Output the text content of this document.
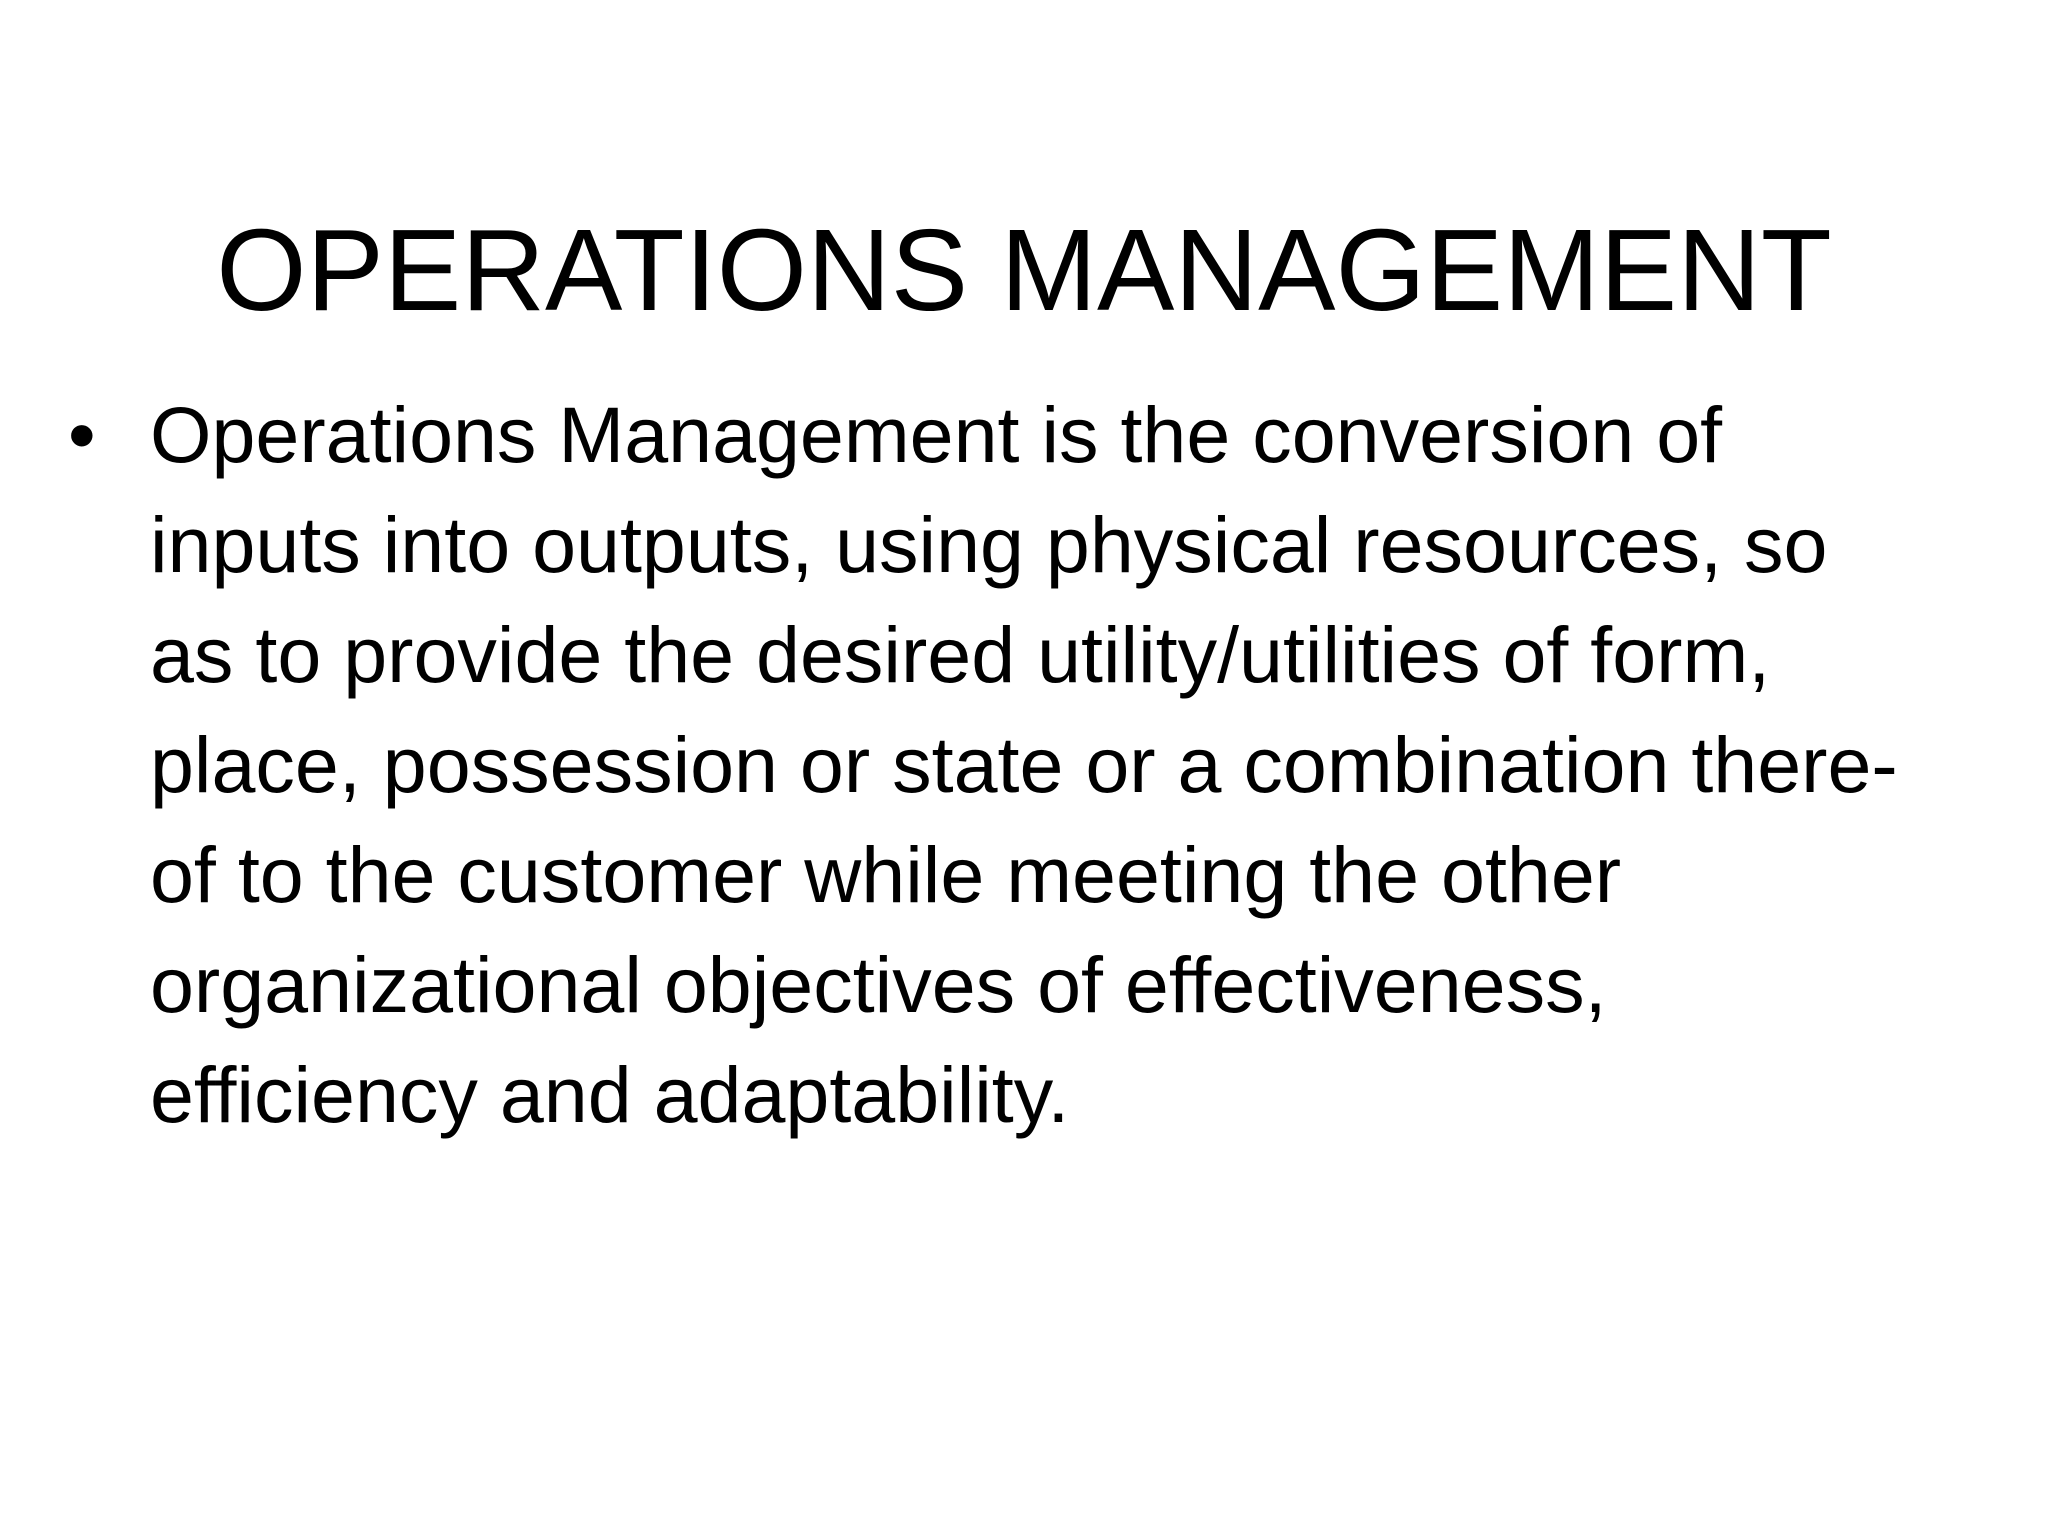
OPERATIONS MANAGEMENT
• Operations Management is the conversion of
inputs into outputs, using physical resources, so
as to provide the desired utility/utilities of form,
place, possession or state or a combination there-
of to the customer while meeting the other
organizational objectives of effectiveness,
efficiency and adaptability.
